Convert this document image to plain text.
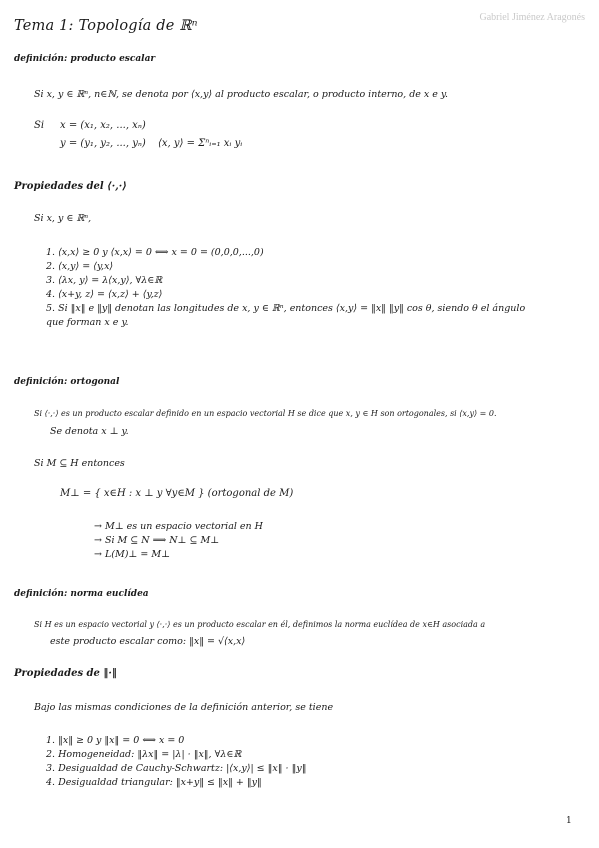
Gabriel Jiménez Aragonés
Tema 1: Topología de ℝⁿ
definición: producto escalar
Si x, y ∈ ℝⁿ, n∈ℕ, se denota por ⟨x,y⟩ al producto escalar, o producto interno, de x e y.
Si x = (x₁, x₂, ..., xₙ)
y = (y₁, y₂, ..., yₙ) ⟨x, y⟩ = Σⁿᵢ₌₁ xᵢ yᵢ
Propiedades del ⟨·,·⟩
Si x, y ∈ ℝⁿ,
1. ⟨x,x⟩ ≥ 0 y ⟨x,x⟩ = 0 ⟺ x = 0 = (0,0,0,...,0)
2. ⟨x,y⟩ = ⟨y,x⟩
3. ⟨λx, y⟩ = λ⟨x,y⟩, ∀λ∈ℝ
4. ⟨x+y, z⟩ = ⟨x,z⟩ + ⟨y,z⟩
5. Si ‖x‖ e ‖y‖ denotan las longitudes de x, y ∈ ℝⁿ, entonces ⟨x,y⟩ = ‖x‖ ‖y‖ cos θ, siendo θ el ángulo
que forman x e y.
definición: ortogonal
Si ⟨·,·⟩ es un producto escalar definido en un espacio vectorial H se dice que x, y ∈ H son ortogonales, si ⟨x,y⟩ = 0.
Se denota x ⊥ y.
Si M ⊆ H entonces
M⊥ = { x∈H : x ⊥ y ∀y∈M } (ortogonal de M)
→ M⊥ es un espacio vectorial en H
→ Si M ⊆ N ⟹ N⊥ ⊆ M⊥
→ L(M)⊥ = M⊥
definición: norma euclídea
Si H es un espacio vectorial y ⟨·,·⟩ es un producto escalar en él, definimos la norma euclídea de x∈H asociada a
este producto escalar como: ‖x‖ = √⟨x,x⟩
Propiedades de ‖·‖
Bajo las mismas condiciones de la definición anterior, se tiene
1. ‖x‖ ≥ 0 y ‖x‖ = 0 ⟺ x = 0
2. Homogeneidad: ‖λx‖ = |λ| · ‖x‖, ∀λ∈ℝ
3. Desigualdad de Cauchy-Schwartz: |⟨x,y⟩| ≤ ‖x‖ · ‖y‖
4. Desigualdad triangular: ‖x+y‖ ≤ ‖x‖ + ‖y‖
1
